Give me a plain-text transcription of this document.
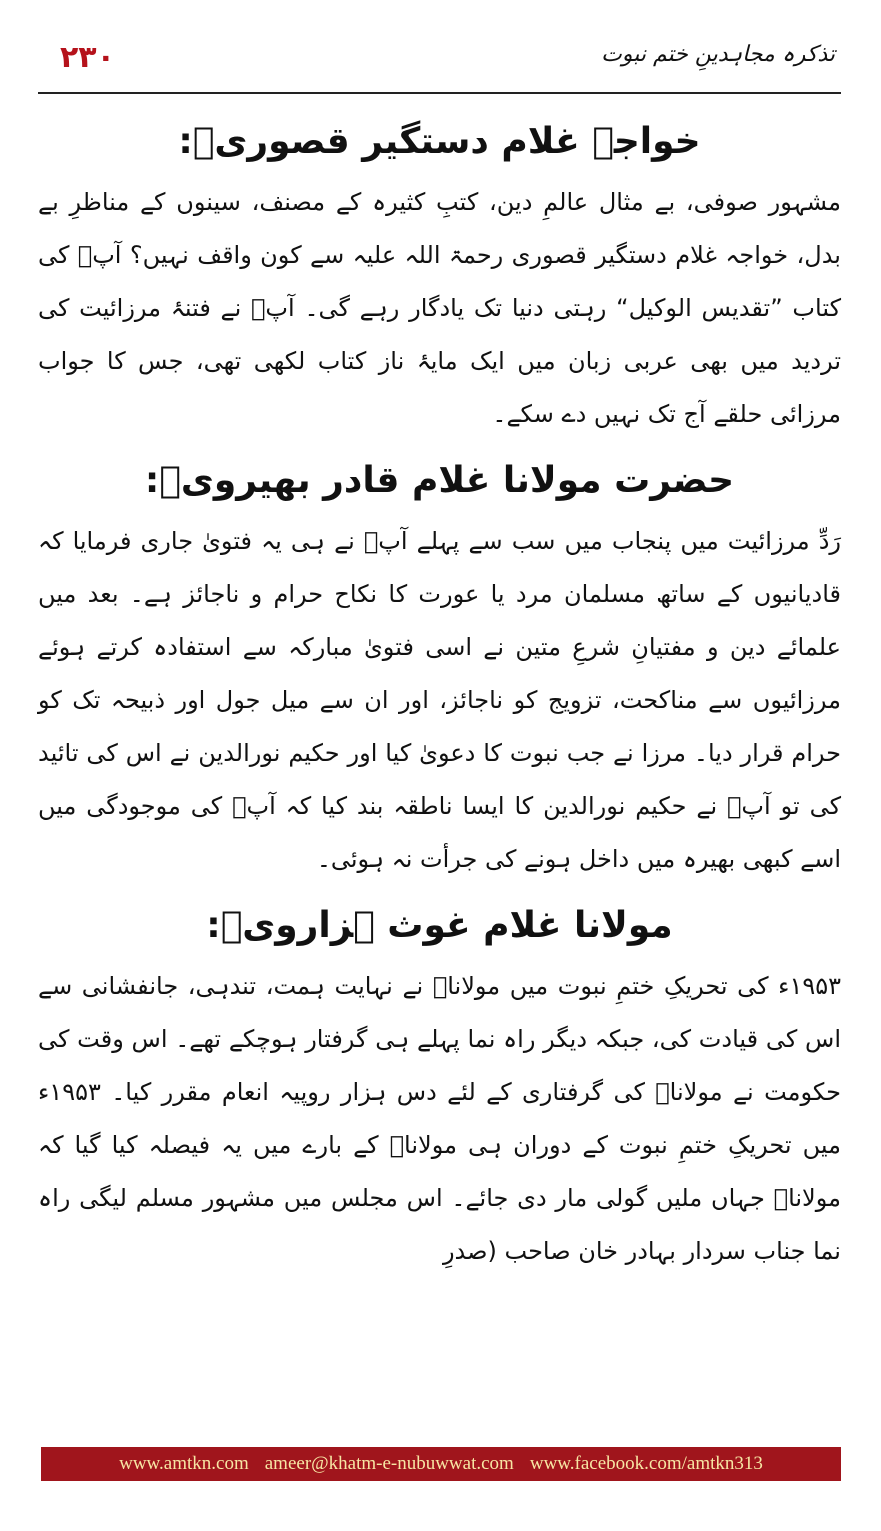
۲۳۰	تذکرہ مجاہدینِ ختم نبوت
خواجہ غلام دستگیر قصوریؒ:

مشہور صوفی، بے مثال عالمِ دین، کتبِ کثیرہ کے مصنف، سینوں کے مناظرِ بے بدل، خواجہ غلام دستگیر قصوری رحمۃ اللہ علیہ سے کون واقف نہیں؟ آپؒ کی کتاب ”تقدیس الوکیل“ رہتی دنیا تک یادگار رہے گی۔ آپؒ نے فتنۂ مرزائیت کی تردید میں بھی عربی زبان میں ایک مایۂ ناز کتاب لکھی تھی، جس کا جواب مرزائی حلقے آج تک نہیں دے سکے۔

حضرت مولانا غلام قادر بھیرویؒ:

رَدِّ مرزائیت میں پنجاب میں سب سے پہلے آپؒ نے ہی یہ فتویٰ جاری فرمایا کہ قادیانیوں کے ساتھ مسلمان مرد یا عورت کا نکاح حرام و ناجائز ہے۔ بعد میں علمائے دین و مفتیانِ شرعِ متین نے اسی فتویٰ مبارکہ سے استفادہ کرتے ہوئے مرزائیوں سے مناکحت، تزویج کو ناجائز، اور ان سے میل جول اور ذبیحہ تک کو حرام قرار دیا۔ مرزا نے جب نبوت کا دعویٰ کیا اور حکیم نورالدین نے اس کی تائید کی تو آپؒ نے حکیم نورالدین کا ایسا ناطقہ بند کیا کہ آپؒ کی موجودگی میں اسے کبھی بھیرہ میں داخل ہونے کی جرأت نہ ہوئی۔

مولانا غلام غوث ہزارویؒ:

۱۹۵۳ء کی تحریکِ ختمِ نبوت میں مولاناؒ نے نہایت ہمت، تندہی، جانفشانی سے اس کی قیادت کی، جبکہ دیگر راہ نما پہلے ہی گرفتار ہوچکے تھے۔ اس وقت کی حکومت نے مولاناؒ کی گرفتاری کے لئے دس ہزار روپیہ انعام مقرر کیا۔ ۱۹۵۳ء میں تحریکِ ختمِ نبوت کے دوران ہی مولاناؒ کے بارے میں یہ فیصلہ کیا گیا کہ مولاناؒ جہاں ملیں گولی مار دی جائے۔ اس مجلس میں مشہور مسلم لیگی راہ نما جناب سردار بہادر خان صاحب (صدرِ

www.amtkn.com ameer@khatm-e-nubuwwat.com www.facebook.com/amtkn313
